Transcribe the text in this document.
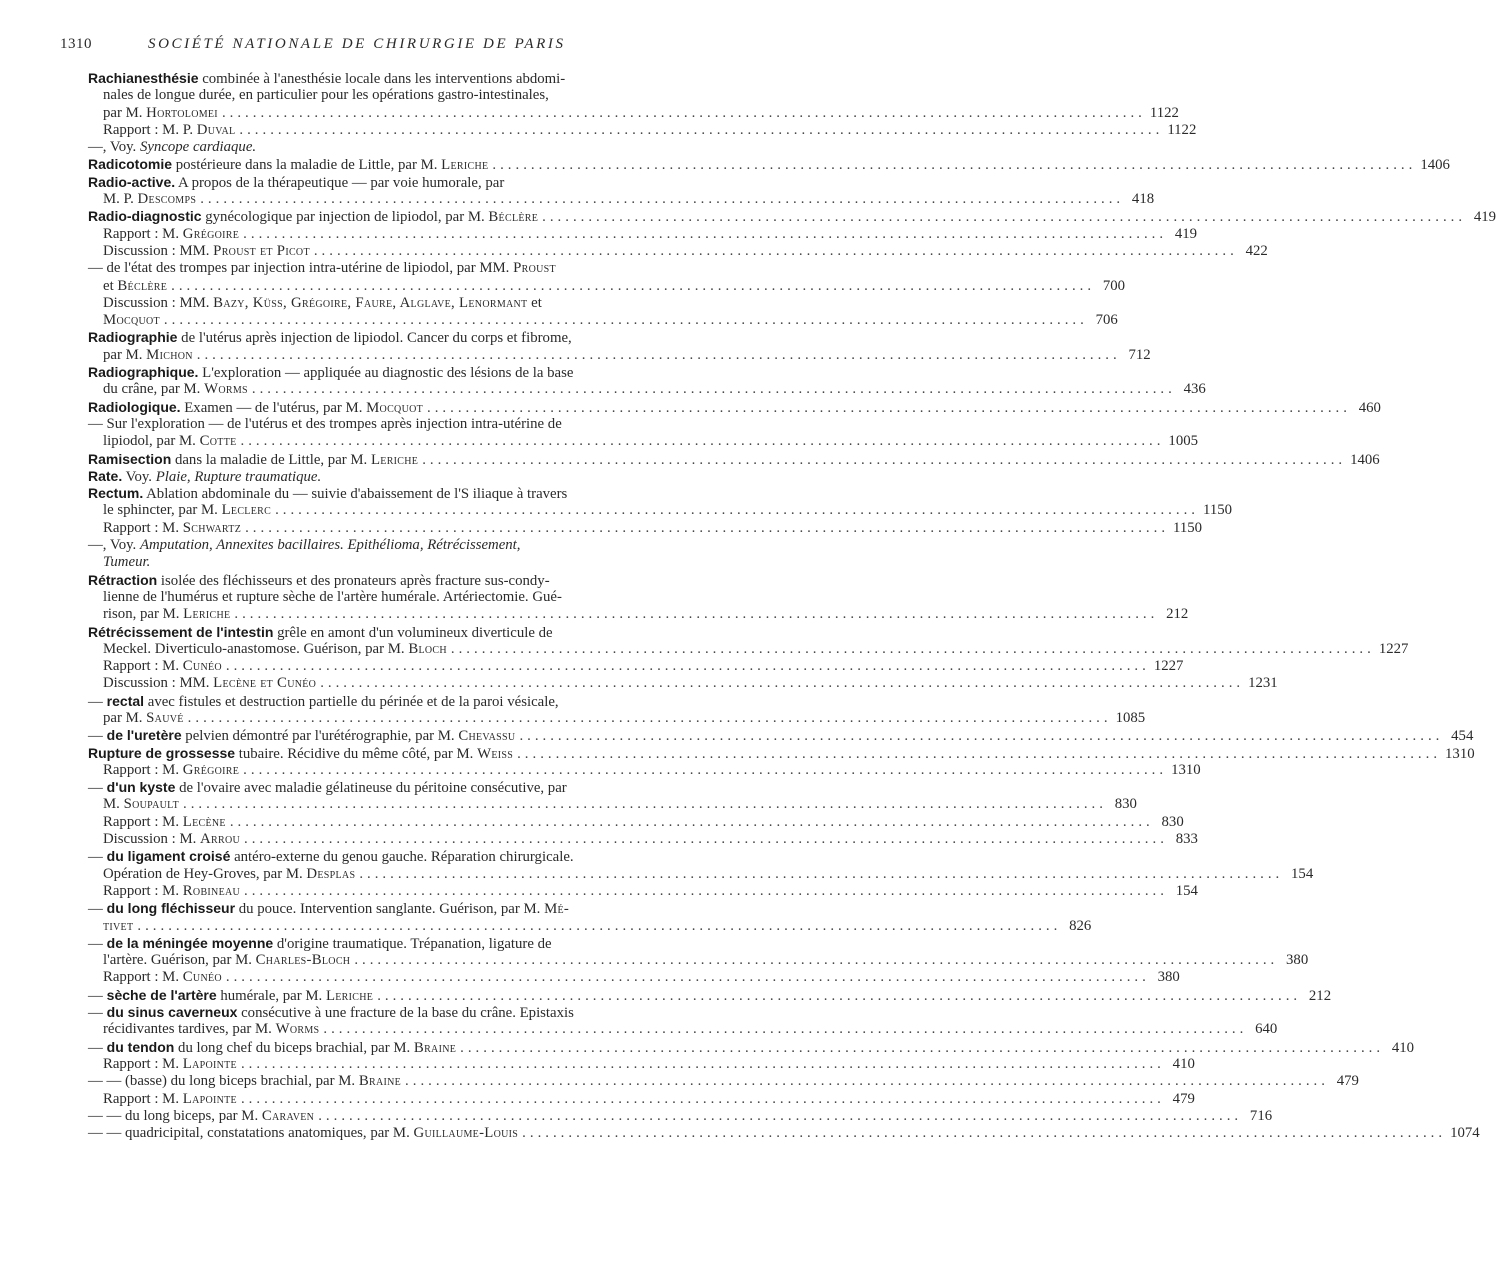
1310	SOCIÉTÉ NATIONALE DE CHIRURGIE DE PARIS
Rachianesthésie combinée à l'anesthésie locale dans les interventions abdomi-
nales de longue durée, en particulier pour les opérations gastro-intestinales,
par M. Hortolomei ........................................................................................................................ 1122
Rapport : M. P. Duval ........................................................................................................................ 1122
—, Voy. Syncope cardiaque.
Radicotomie postérieure dans la maladie de Little, par M. Leriche ........................................................................................................................ 1406
Radio-active. A propos de la thérapeutique — par voie humorale, par
M. P. Descomps ........................................................................................................................ 418
Radio-diagnostic gynécologique par injection de lipiodol, par M. Béclère ........................................................................................................................ 419
Rapport : M. Grégoire ........................................................................................................................ 419
Discussion : MM. Proust et Picot ........................................................................................................................ 422
— de l'état des trompes par injection intra-utérine de lipiodol, par MM. Proust
et Béclère ........................................................................................................................ 700
Discussion : MM. Bazy, Küss, Grégoire, Faure, Alglave, Lenormant et
Mocquot ........................................................................................................................ 706
Radiographie de l'utérus après injection de lipiodol. Cancer du corps et fibrome,
par M. Michon ........................................................................................................................ 712
Radiographique. L'exploration — appliquée au diagnostic des lésions de la base
du crâne, par M. Worms ........................................................................................................................ 436
Radiologique. Examen — de l'utérus, par M. Mocquot ........................................................................................................................ 460
— Sur l'exploration — de l'utérus et des trompes après injection intra-utérine de
lipiodol, par M. Cotte ........................................................................................................................ 1005
Ramisection dans la maladie de Little, par M. Leriche ........................................................................................................................ 1406
Rate. Voy. Plaie, Rupture traumatique.
Rectum. Ablation abdominale du — suivie d'abaissement de l'S iliaque à travers
le sphincter, par M. Leclerc ........................................................................................................................ 1150
Rapport : M. Schwartz ........................................................................................................................ 1150
—, Voy. Amputation, Annexites bacillaires. Epithélioma, Rétrécissement,
Tumeur.
Rétraction isolée des fléchisseurs et des pronateurs après fracture sus-condy-
lienne de l'humérus et rupture sèche de l'artère humérale. Artériectomie. Gué-
rison, par M. Leriche ........................................................................................................................ 212
Rétrécissement de l'intestin grêle en amont d'un volumineux diverticule de
Meckel. Diverticulo-anastomose. Guérison, par M. Bloch ........................................................................................................................ 1227
Rapport : M. Cunéo ........................................................................................................................ 1227
Discussion : MM. Lecène et Cunéo ........................................................................................................................ 1231
— rectal avec fistules et destruction partielle du périnée et de la paroi vésicale,
par M. Sauvé ........................................................................................................................ 1085
— de l'uretère pelvien démontré par l'urétérographie, par M. Chevassu ........................................................................................................................ 454
Rupture de grossesse tubaire. Récidive du même côté, par M. Weiss ........................................................................................................................ 1310
Rapport : M. Grégoire ........................................................................................................................ 1310
— d'un kyste de l'ovaire avec maladie gélatineuse du péritoine consécutive, par
M. Soupault ........................................................................................................................ 830
Rapport : M. Lecène ........................................................................................................................ 830
Discussion : M. Arrou ........................................................................................................................ 833
— du ligament croisé antéro-externe du genou gauche. Réparation chirurgicale.
Opération de Hey-Groves, par M. Desplas ........................................................................................................................ 154
Rapport : M. Robineau ........................................................................................................................ 154
— du long fléchisseur du pouce. Intervention sanglante. Guérison, par M. Mé-
tivet ........................................................................................................................ 826
— de la méningée moyenne d'origine traumatique. Trépanation, ligature de
l'artère. Guérison, par M. Charles-Bloch ........................................................................................................................ 380
Rapport : M. Cunéo ........................................................................................................................ 380
— sèche de l'artère humérale, par M. Leriche ........................................................................................................................ 212
— du sinus caverneux consécutive à une fracture de la base du crâne. Epistaxis
récidivantes tardives, par M. Worms ........................................................................................................................ 640
— du tendon du long chef du biceps brachial, par M. Braine ........................................................................................................................ 410
Rapport : M. Lapointe ........................................................................................................................ 410
— — (basse) du long biceps brachial, par M. Braine ........................................................................................................................ 479
Rapport : M. Lapointe ........................................................................................................................ 479
— — du long biceps, par M. Caraven ........................................................................................................................ 716
— — quadricipital, constatations anatomiques, par M. Guillaume-Louis ........................................................................................................................ 1074
